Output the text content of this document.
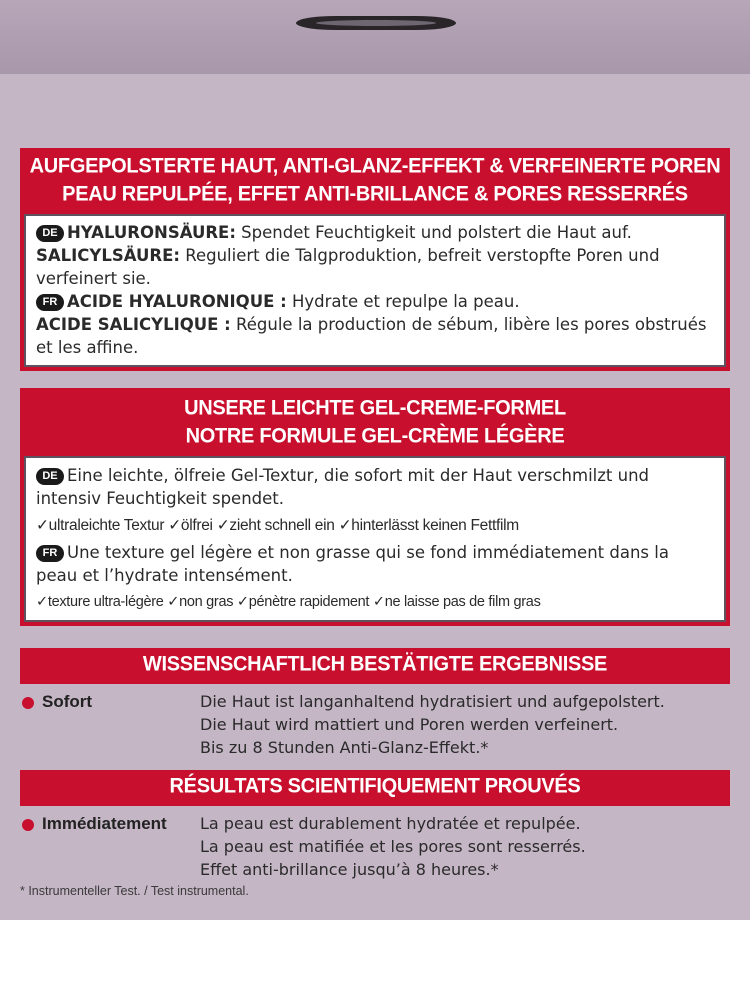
AUFGEPOLSTERTE HAUT, ANTI-GLANZ-EFFEKT & VERFEINERTE POREN
PEAU REPULPÉE, EFFET ANTI-BRILLANCE & PORES RESSERRÉS
DE HYALURONSÄURE: Spendet Feuchtigkeit und polstert die Haut auf. SALICYLSÄURE: Reguliert die Talgproduktion, befreit verstopfte Poren und verfeinert sie.
FR ACIDE HYALURONIQUE : Hydrate et repulpe la peau.
ACIDE SALICYLIQUE : Régule la production de sébum, libère les pores obstrués et les affine.
UNSERE LEICHTE GEL-CREME-FORMEL
NOTRE FORMULE GEL-CRÈME LÉGÈRE
DE Eine leichte, ölfreie Gel-Textur, die sofort mit der Haut verschmilzt und intensiv Feuchtigkeit spendet.
✓ultraleichte Textur ✓ölfrei ✓zieht schnell ein ✓hinterlässt keinen Fettfilm
FR Une texture gel légère et non grasse qui se fond immédiatement dans la peau et l’hydrate intensément.
✓texture ultra-légère ✓non gras ✓pénètre rapidement ✓ne laisse pas de film gras
WISSENSCHAFTLICH BESTÄTIGTE ERGEBNISSE
Sofort	Die Haut ist langanhaltend hydratisiert und aufgepolstert.
Die Haut wird mattiert und Poren werden verfeinert.
Bis zu 8 Stunden Anti-Glanz-Effekt.*
RÉSULTATS SCIENTIFIQUEMENT PROUVÉS
Immédiatement La peau est durablement hydratée et repulpée.
La peau est matifiée et les pores sont resserrés.
Effet anti-brillance jusqu’à 8 heures.*
* Instrumenteller Test. / Test instrumental.
